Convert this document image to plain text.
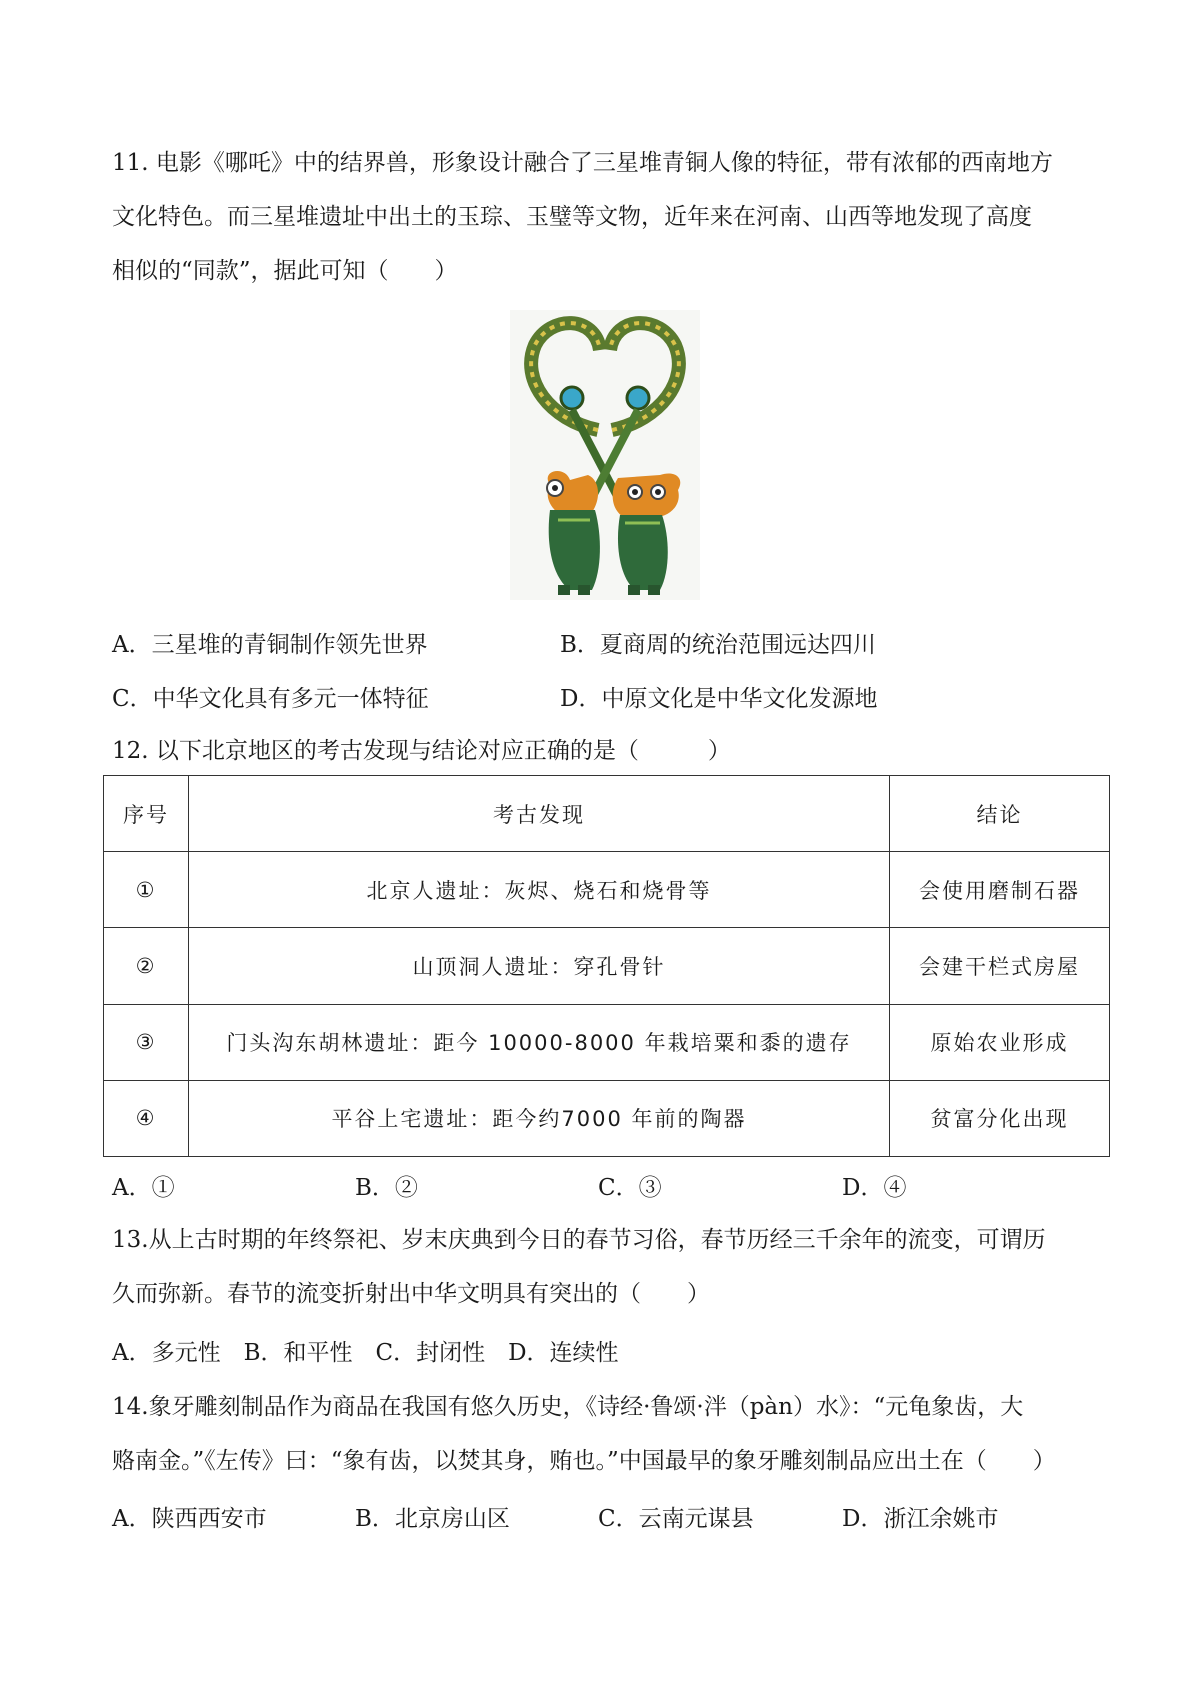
11. 电影《哪吒》中的结界兽，形象设计融合了三星堆青铜人像的特征，带有浓郁的西南地方
文化特色。而三星堆遗址中出土的玉琮、玉璧等文物，近年来在河南、山西等地发现了高度
相似的“同款”，据此可知（　　）
A．三星堆的青铜制作领先世界	B．夏商周的统治范围远达四川
C．中华文化具有多元一体特征	D．中原文化是中华文化发源地
12. 以下北京地区的考古发现与结论对应正确的是（　　　）
序号	考古发现	结论
①	北京人遗址：灰烬、烧石和烧骨等	会使用磨制石器
②	山顶洞人遗址：穿孔骨针	会建干栏式房屋
③	门头沟东胡林遗址：距今 10000-8000 年栽培粟和黍的遗存	原始农业形成
④	平谷上宅遗址：距今约7000 年前的陶器	贫富分化出现
A．①	B．②	C．③	D．④
13.从上古时期的年终祭祀、岁末庆典到今日的春节习俗，春节历经三千余年的流变，可谓历
久而弥新。春节的流变折射出中华文明具有突出的（　　）
A．多元性　B．和平性　C．封闭性　D．连续性
14.象牙雕刻制品作为商品在我国有悠久历史，《诗经·鲁颂·泮（pàn）水》：“元龟象齿，大
赂南金。”《左传》曰：“象有齿，以焚其身，贿也。”中国最早的象牙雕刻制品应出土在（　　）
A．陕西西安市	B．北京房山区	C．云南元谋县	D．浙江余姚市
